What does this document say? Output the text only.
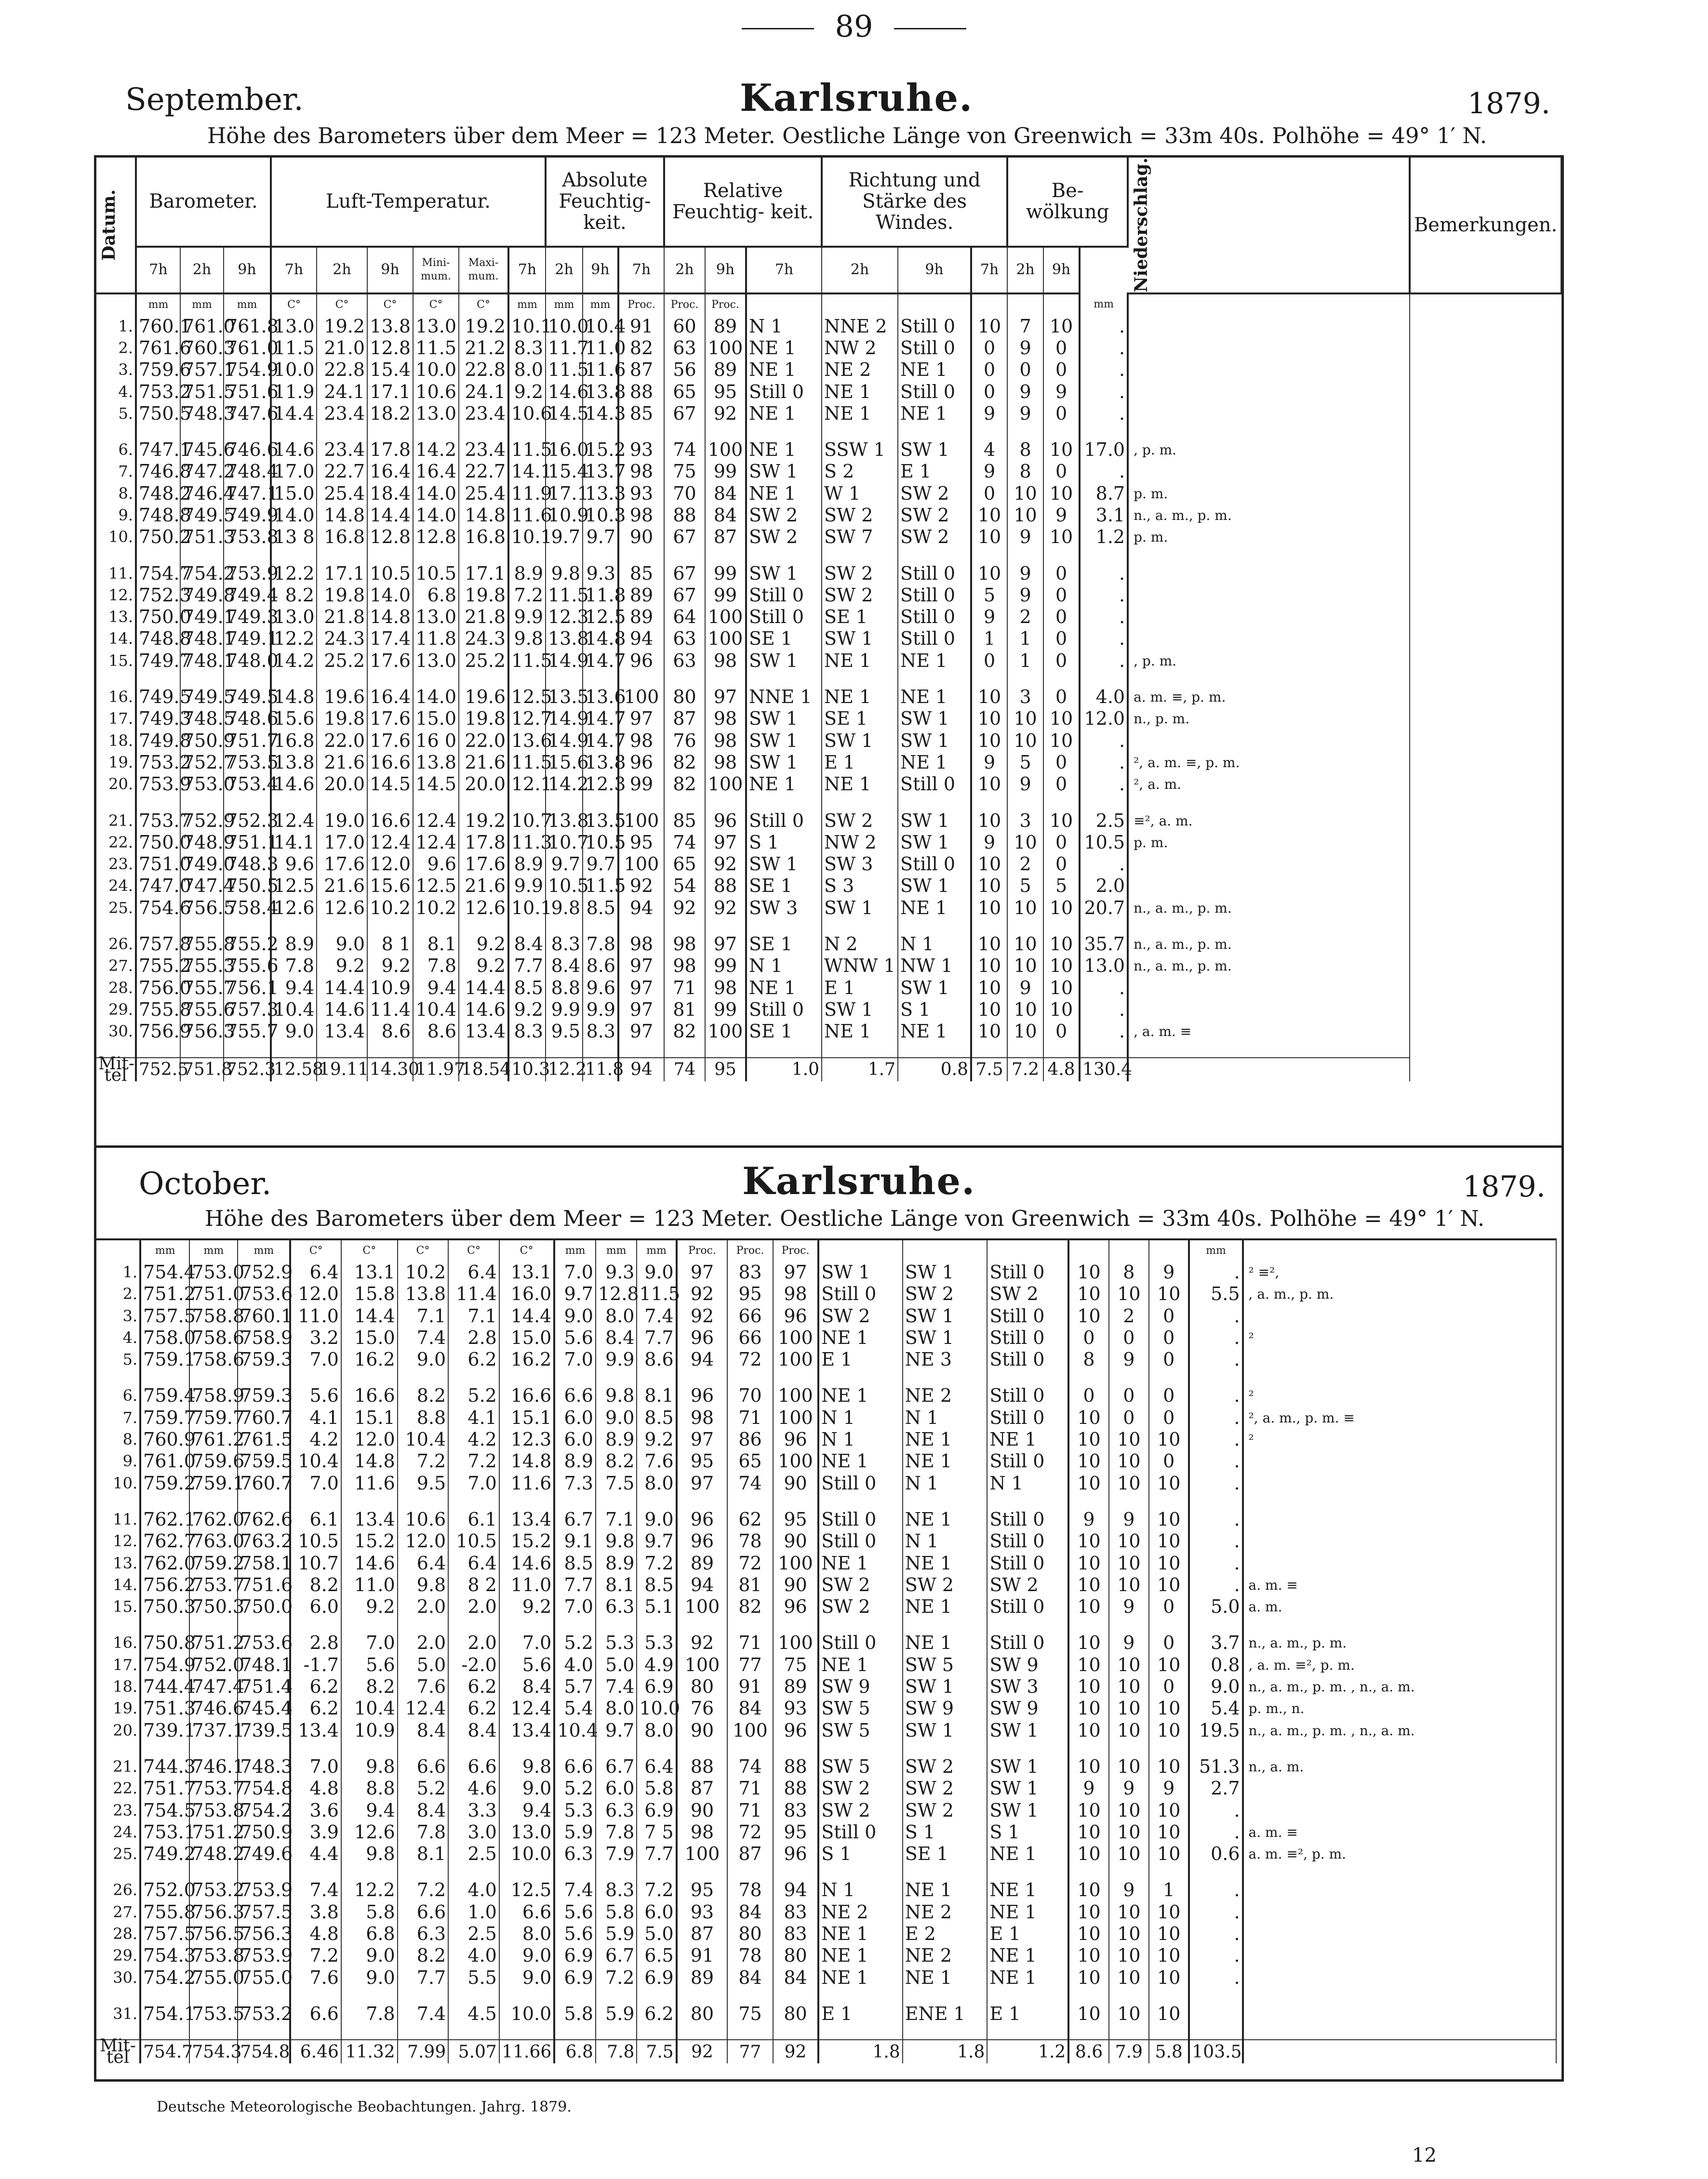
89
September.	Karlsruhe.	1879.
Höhe des Barometers über dem Meer = 123 Meter. Oestliche Länge von Greenwich = 33m 40s. Polhöhe = 49° 1′ N.
Datum.	Barometer.			Luft-Temperatur.						Absolute Feuchtig- keit.			Relative Feuchtig- keit.			Richtung und Stärke des Windes.			Be- wölkung			Niederschlag.	Bemerkungen.
	7h	2h	9h	7h	2h	9h	Mini- mum.	Maxi- mum.	7h	2h	9h	7h	2h	9h	7h	2h	9h	7h	2h	9h			
	mm	mm	mm	C°	C°	C°	C°	C°	mm	mm	mm	Proc.	Proc.	Proc.							mm		
1.	760.1	761.0	761.8	13.0	19.2	13.8	13.0	19.2	10.1	10.0	10.4	91	60	89	N 1	NNE 2	Still 0	10	7	10	.		
2.	761.6	760.3	761.0	11.5	21.0	12.8	11.5	21.2	8.3	11.7	11.0	82	63	100	NE 1	NW 2	Still 0	0	9	0	.		
3.	759.6	757.1	754.9	10.0	22.8	15.4	10.0	22.8	8.0	11.5	11.6	87	56	89	NE 1	NE 2	NE 1	0	0	0	.		
4.	753.2	751.5	751.6	11.9	24.1	17.1	10.6	24.1	9.2	14.6	13.8	88	65	95	Still 0	NE 1	Still 0	0	9	9	.		
5.	750.5	748.3	747.6	14.4	23.4	18.2	13.0	23.4	10.6	14.5	14.3	85	67	92	NE 1	NE 1	NE 1	9	9	0	.		

6.	747.1	745.6	746.6	14.6	23.4	17.8	14.2	23.4	11.5	16.0	15.2	93	74	100	NE 1	SSW 1	SW 1	4	8	10	17.0	, p. m.	
7.	746.8	747.2	748.4	17.0	22.7	16.4	16.4	22.7	14.1	15.4	13.7	98	75	99	SW 1	S 2	E 1	9	8	0	.		
8.	748.2	746.4	747.1	15.0	25.4	18.4	14.0	25.4	11.9	17.1	13.3	93	70	84	NE 1	W 1	SW 2	0	10	10	8.7	p. m.	
9.	748.8	749.5	749.9	14.0	14.8	14.4	14.0	14.8	11.6	10.9	10.3	98	88	84	SW 2	SW 2	SW 2	10	10	9	3.1	n., a. m., p. m.	
10.	750.2	751.3	753.8	13 8	16.8	12.8	12.8	16.8	10.1	9.7	9.7	90	67	87	SW 2	SW 7	SW 2	10	9	10	1.2	p. m.	

11.	754.7	754.2	753.9	12.2	17.1	10.5	10.5	17.1	8.9	9.8	9.3	85	67	99	SW 1	SW 2	Still 0	10	9	0	.		
12.	752.3	749.8	749.4	8.2	19.8	14.0	6.8	19.8	7.2	11.5	11.8	89	67	99	Still 0	SW 2	Still 0	5	9	0	.		
13.	750.0	749.1	749.3	13.0	21.8	14.8	13.0	21.8	9.9	12.3	12.5	89	64	100	Still 0	SE 1	Still 0	9	2	0	.		
14.	748.8	748.1	749.1	12.2	24.3	17.4	11.8	24.3	9.8	13.8	14.8	94	63	100	SE 1	SW 1	Still 0	1	1	0	.		
15.	749.7	748.1	748.0	14.2	25.2	17.6	13.0	25.2	11.5	14.9	14.7	96	63	98	SW 1	NE 1	NE 1	0	1	0	.	, p. m.	

16.	749.5	749.5	749.5	14.8	19.6	16.4	14.0	19.6	12.5	13.5	13.6	100	80	97	NNE 1	NE 1	NE 1	10	3	0	4.0	a. m. ≡, p. m.	
17.	749.3	748.5	748.6	15.6	19.8	17.6	15.0	19.8	12.7	14.9	14.7	97	87	98	SW 1	SE 1	SW 1	10	10	10	12.0	n., p. m.	
18.	749.8	750.9	751.7	16.8	22.0	17.6	16 0	22.0	13.6	14.9	14.7	98	76	98	SW 1	SW 1	SW 1	10	10	10	.		
19.	753.2	752.7	753.5	13.8	21.6	16.6	13.8	21.6	11.5	15.6	13.8	96	82	98	SW 1	E 1	NE 1	9	5	0	.	², a. m. ≡, p. m.	
20.	753.9	753.0	753.4	14.6	20.0	14.5	14.5	20.0	12.1	14.2	12.3	99	82	100	NE 1	NE 1	Still 0	10	9	0	.	², a. m.	

21.	753.7	752.9	752.3	12.4	19.0	16.6	12.4	19.2	10.7	13.8	13.5	100	85	96	Still 0	SW 2	SW 1	10	3	10	2.5	≡², a. m.	
22.	750.0	748.9	751.1	14.1	17.0	12.4	12.4	17.8	11.3	10.7	10.5	95	74	97	S 1	NW 2	SW 1	9	10	0	10.5	p. m.	
23.	751.0	749.0	748.3	9.6	17.6	12.0	9.6	17.6	8.9	9.7	9.7	100	65	92	SW 1	SW 3	Still 0	10	2	0	.		
24.	747.0	747.4	750.5	12.5	21.6	15.6	12.5	21.6	9.9	10.5	11.5	92	54	88	SE 1	S 3	SW 1	10	5	5	2.0		
25.	754.6	756.5	758.4	12.6	12.6	10.2	10.2	12.6	10.1	9.8	8.5	94	92	92	SW 3	SW 1	NE 1	10	10	10	20.7	n., a. m., p. m.	

26.	757.8	755.8	755.2	8.9	9.0	8 1	8.1	9.2	8.4	8.3	7.8	98	98	97	SE 1	N 2	N 1	10	10	10	35.7	n., a. m., p. m.	
27.	755.2	755.3	755.6	7.8	9.2	9.2	7.8	9.2	7.7	8.4	8.6	97	98	99	N 1	WNW 1	NW 1	10	10	10	13.0	n., a. m., p. m.	
28.	756.0	755.7	756.1	9.4	14.4	10.9	9.4	14.4	8.5	8.8	9.6	97	71	98	NE 1	E 1	SW 1	10	9	10	.		
29.	755.8	755.6	757.3	10.4	14.6	11.4	10.4	14.6	9.2	9.9	9.9	97	81	99	Still 0	SW 1	S 1	10	10	10	.		
30.	756.9	756.3	755.7	9.0	13.4	8.6	8.6	13.4	8.3	9.5	8.3	97	82	100	SE 1	NE 1	NE 1	10	10	0	.	, a. m. ≡	

Mit- tel	752.5	751.8	752.3	12.58	19.11	14.30	11.97	18.54	10.3	12.2	11.8	94	74	95	1.0	1.7	0.8	7.5	7.2	4.8	130.4		
October.	Karlsruhe.	1879.
Höhe des Barometers über dem Meer = 123 Meter. Oestliche Länge von Greenwich = 33m 40s. Polhöhe = 49° 1′ N.
	mm	mm	mm	C°	C°	C°	C°	C°	mm	mm	mm	Proc.	Proc.	Proc.							mm	
1.	754.4	753.0	752.9	6.4	13.1	10.2	6.4	13.1	7.0	9.3	9.0	97	83	97	SW 1	SW 1	Still 0	10	8	9	.	² ≡²,
2.	751.2	751.0	753.6	12.0	15.8	13.8	11.4	16.0	9.7	12.8	11.5	92	95	98	Still 0	SW 2	SW 2	10	10	10	5.5	, a. m., p. m.
3.	757.5	758.8	760.1	11.0	14.4	7.1	7.1	14.4	9.0	8.0	7.4	92	66	96	SW 2	SW 1	Still 0	10	2	0	.	
4.	758.0	758.6	758.9	3.2	15.0	7.4	2.8	15.0	5.6	8.4	7.7	96	66	100	NE 1	SW 1	Still 0	0	0	0	.	²
5.	759.1	758.6	759.3	7.0	16.2	9.0	6.2	16.2	7.0	9.9	8.6	94	72	100	E 1	NE 3	Still 0	8	9	0	.	

6.	759.4	758.9	759.3	5.6	16.6	8.2	5.2	16.6	6.6	9.8	8.1	96	70	100	NE 1	NE 2	Still 0	0	0	0	.	²
7.	759.7	759.7	760.7	4.1	15.1	8.8	4.1	15.1	6.0	9.0	8.5	98	71	100	N 1	N 1	Still 0	10	0	0	.	², a. m., p. m. ≡
8.	760.9	761.2	761.5	4.2	12.0	10.4	4.2	12.3	6.0	8.9	9.2	97	86	96	N 1	NE 1	NE 1	10	10	10	.	²
9.	761.0	759.6	759.5	10.4	14.8	7.2	7.2	14.8	8.9	8.2	7.6	95	65	100	NE 1	NE 1	Still 0	10	10	0	.	
10.	759.2	759.1	760.7	7.0	11.6	9.5	7.0	11.6	7.3	7.5	8.0	97	74	90	Still 0	N 1	N 1	10	10	10	.	

11.	762.1	762.0	762.6	6.1	13.4	10.6	6.1	13.4	6.7	7.1	9.0	96	62	95	Still 0	NE 1	Still 0	9	9	10	.	
12.	762.7	763.0	763.2	10.5	15.2	12.0	10.5	15.2	9.1	9.8	9.7	96	78	90	Still 0	N 1	Still 0	10	10	10	.	
13.	762.0	759.2	758.1	10.7	14.6	6.4	6.4	14.6	8.5	8.9	7.2	89	72	100	NE 1	NE 1	Still 0	10	10	10	.	
14.	756.2	753.7	751.6	8.2	11.0	9.8	8 2	11.0	7.7	8.1	8.5	94	81	90	SW 2	SW 2	SW 2	10	10	10	.	a. m. ≡
15.	750.3	750.3	750.0	6.0	9.2	2.0	2.0	9.2	7.0	6.3	5.1	100	82	96	SW 2	NE 1	Still 0	10	9	0	5.0	a. m.

16.	750.8	751.2	753.6	2.8	7.0	2.0	2.0	7.0	5.2	5.3	5.3	92	71	100	Still 0	NE 1	Still 0	10	9	0	3.7	n., a. m., p. m.
17.	754.9	752.0	748.1	-1.7	5.6	5.0	-2.0	5.6	4.0	5.0	4.9	100	77	75	NE 1	SW 5	SW 9	10	10	10	0.8	, a. m. ≡², p. m.
18.	744.4	747.4	751.4	6.2	8.2	7.6	6.2	8.4	5.7	7.4	6.9	80	91	89	SW 9	SW 1	SW 3	10	10	0	9.0	n., a. m., p. m. , n., a. m.
19.	751.3	746.6	745.4	6.2	10.4	12.4	6.2	12.4	5.4	8.0	10.0	76	84	93	SW 5	SW 9	SW 9	10	10	10	5.4	p. m., n.
20.	739.1	737.1	739.5	13.4	10.9	8.4	8.4	13.4	10.4	9.7	8.0	90	100	96	SW 5	SW 1	SW 1	10	10	10	19.5	n., a. m., p. m. , n., a. m.

21.	744.3	746.1	748.3	7.0	9.8	6.6	6.6	9.8	6.6	6.7	6.4	88	74	88	SW 5	SW 2	SW 1	10	10	10	51.3	n., a. m.
22.	751.7	753.7	754.8	4.8	8.8	5.2	4.6	9.0	5.2	6.0	5.8	87	71	88	SW 2	SW 2	SW 1	9	9	9	2.7	
23.	754.5	753.8	754.2	3.6	9.4	8.4	3.3	9.4	5.3	6.3	6.9	90	71	83	SW 2	SW 2	SW 1	10	10	10	.	
24.	753.1	751.2	750.9	3.9	12.6	7.8	3.0	13.0	5.9	7.8	7 5	98	72	95	Still 0	S 1	S 1	10	10	10	.	a. m. ≡
25.	749.2	748.2	749.6	4.4	9.8	8.1	2.5	10.0	6.3	7.9	7.7	100	87	96	S 1	SE 1	NE 1	10	10	10	0.6	a. m. ≡², p. m.

26.	752.0	753.2	753.9	7.4	12.2	7.2	4.0	12.5	7.4	8.3	7.2	95	78	94	N 1	NE 1	NE 1	10	9	1	.	
27.	755.8	756.3	757.5	3.8	5.8	6.6	1.0	6.6	5.6	5.8	6.0	93	84	83	NE 2	NE 2	NE 1	10	10	10	.	
28.	757.5	756.5	756.3	4.8	6.8	6.3	2.5	8.0	5.6	5.9	5.0	87	80	83	NE 1	E 2	E 1	10	10	10	.	
29.	754.3	753.8	753.9	7.2	9.0	8.2	4.0	9.0	6.9	6.7	6.5	91	78	80	NE 1	NE 2	NE 1	10	10	10	.	
30.	754.2	755.0	755.0	7.6	9.0	7.7	5.5	9.0	6.9	7.2	6.9	89	84	84	NE 1	NE 1	NE 1	10	10	10	.	

31.	754.1	753.5	753.2	6.6	7.8	7.4	4.5	10.0	5.8	5.9	6.2	80	75	80	E 1	ENE 1	E 1	10	10	10		

Mit- tel	754.7	754.3	754.8	6.46	11.32	7.99	5.07	11.66	6.8	7.8	7.5	92	77	92	1.8	1.8	1.2	8.6	7.9	5.8	103.5	
Deutsche Meteorologische Beobachtungen. Jahrg. 1879.
12
